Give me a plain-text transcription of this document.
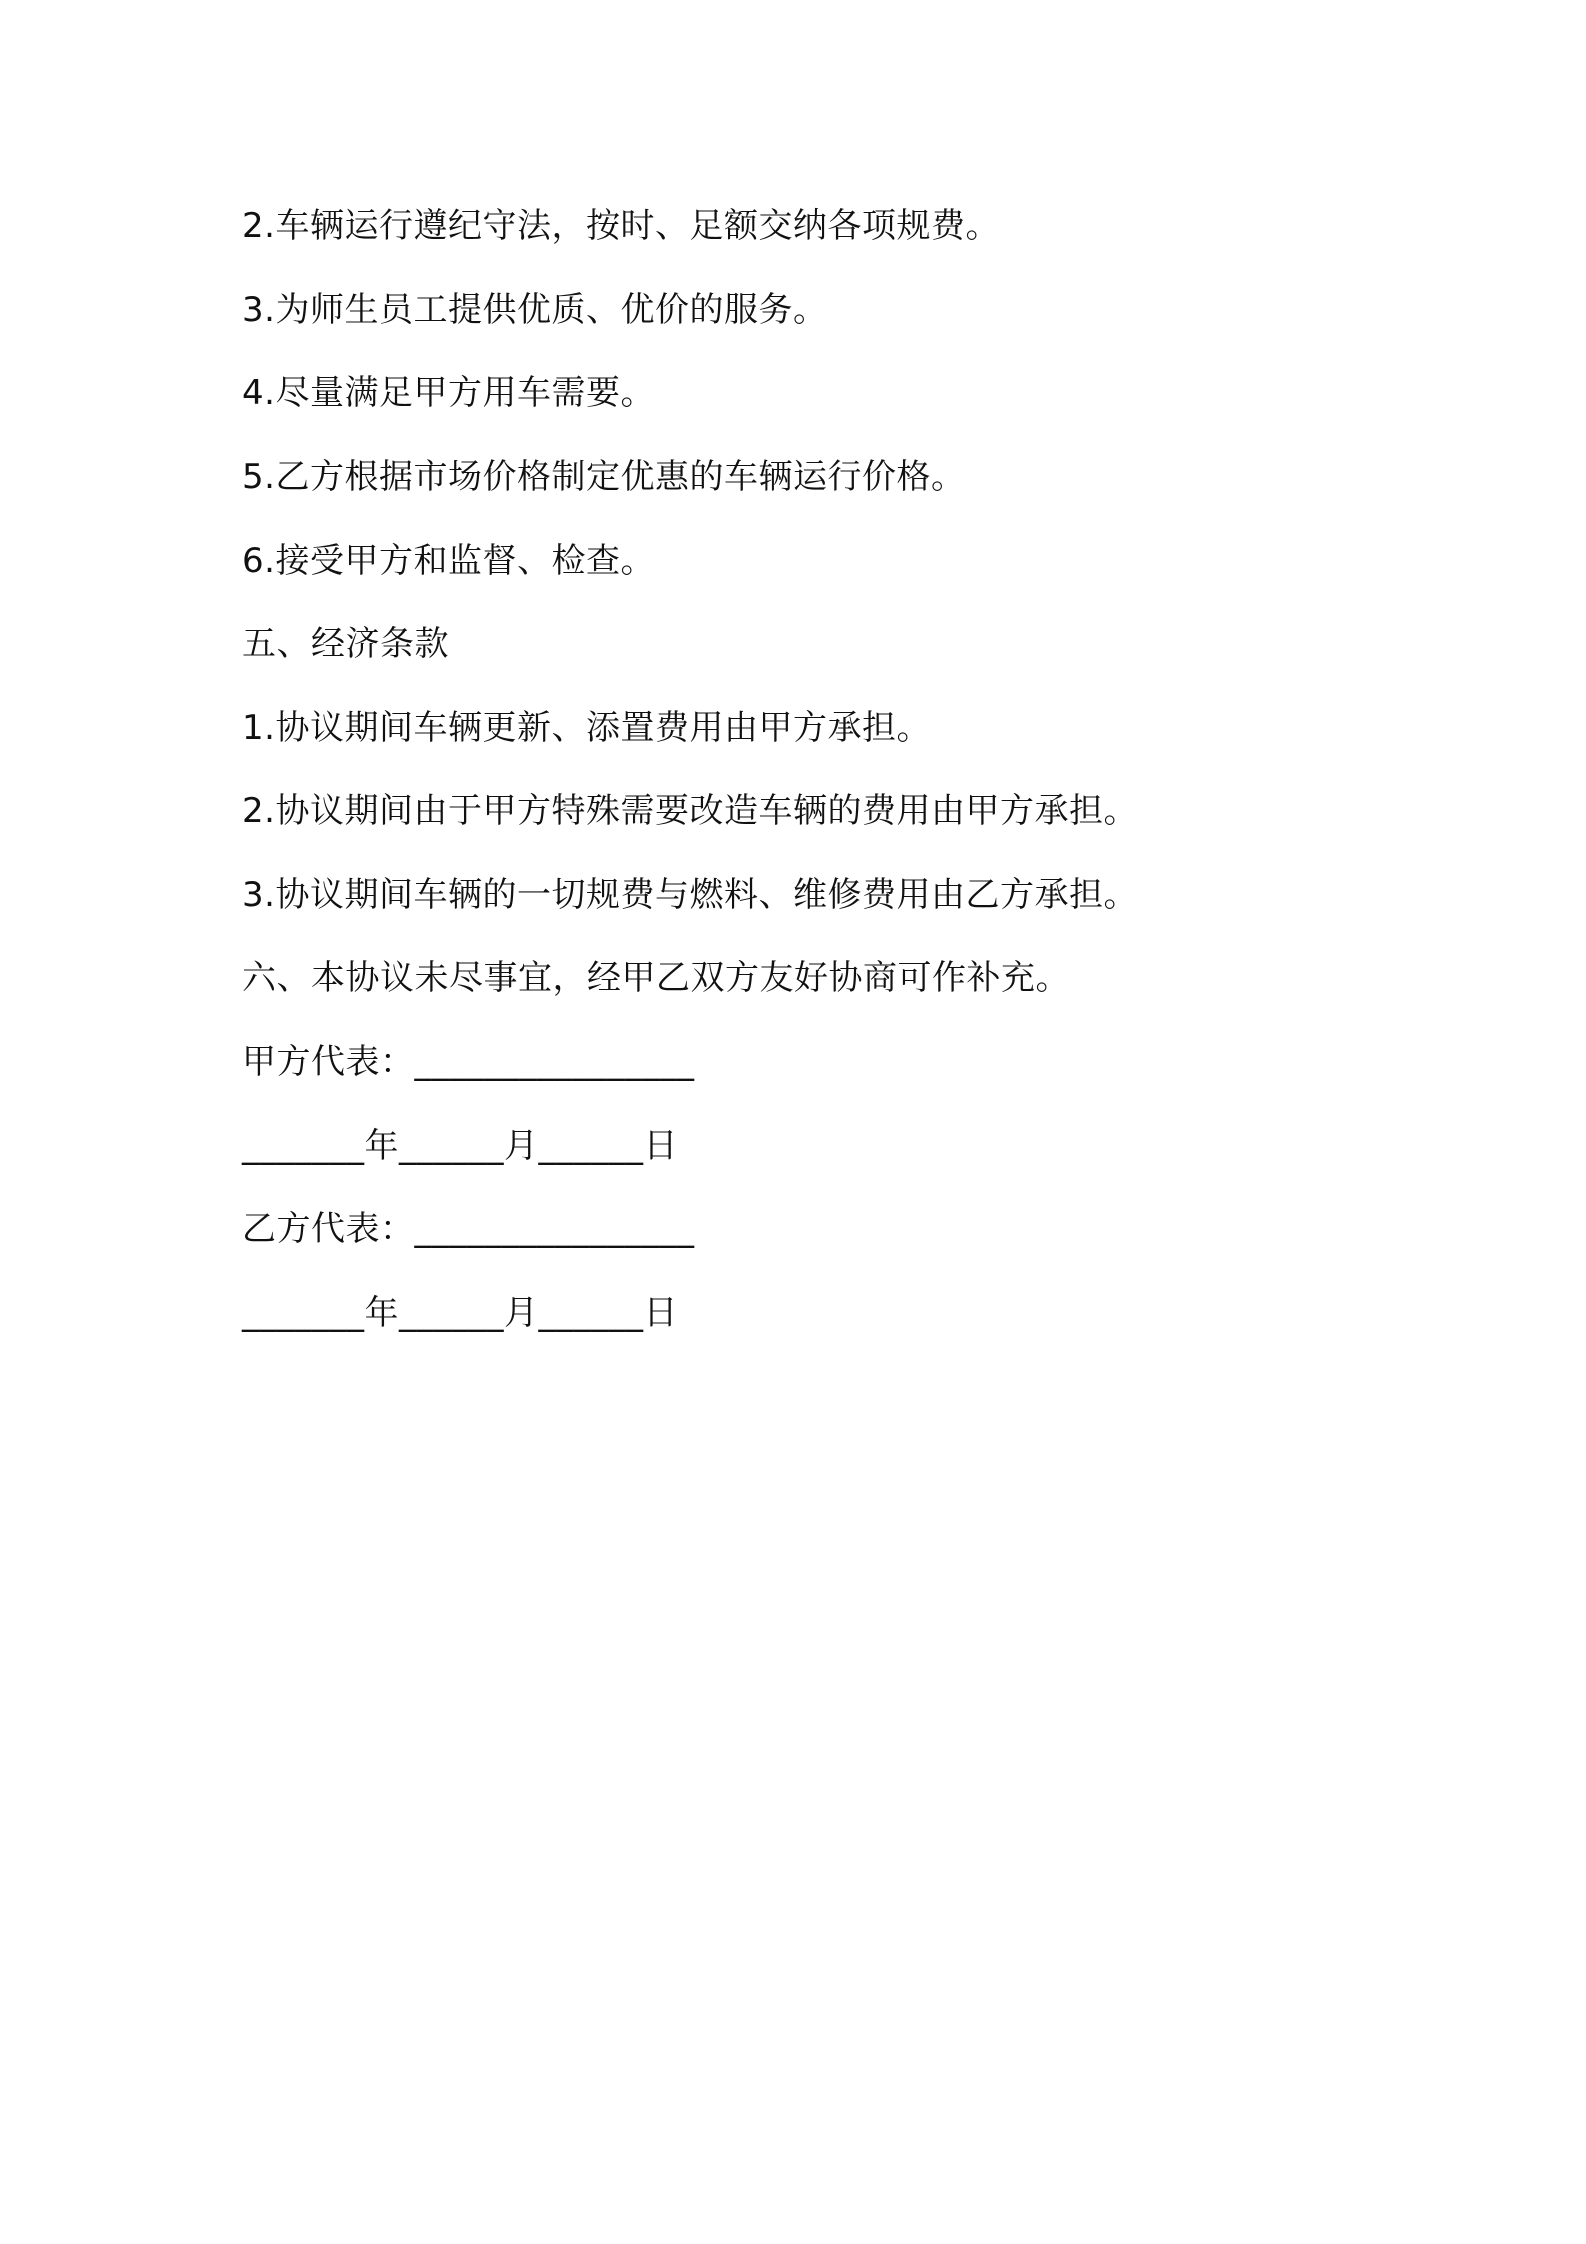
2.车辆运行遵纪守法，按时、足额交纳各项规费。
3.为师生员工提供优质、优价的服务。
4.尽量满足甲方用车需要。
5.乙方根据市场价格制定优惠的车辆运行价格。
6.接受甲方和监督、检查。
五、经济条款
1.协议期间车辆更新、添置费用由甲方承担。
2.协议期间由于甲方特殊需要改造车辆的费用由甲方承担。
3.协议期间车辆的一切规费与燃料、维修费用由乙方承担。
六、本协议未尽事宜，经甲乙双方友好协商可作补充。
甲方代表：________________
_______年______月______日
乙方代表：________________
_______年______月______日
